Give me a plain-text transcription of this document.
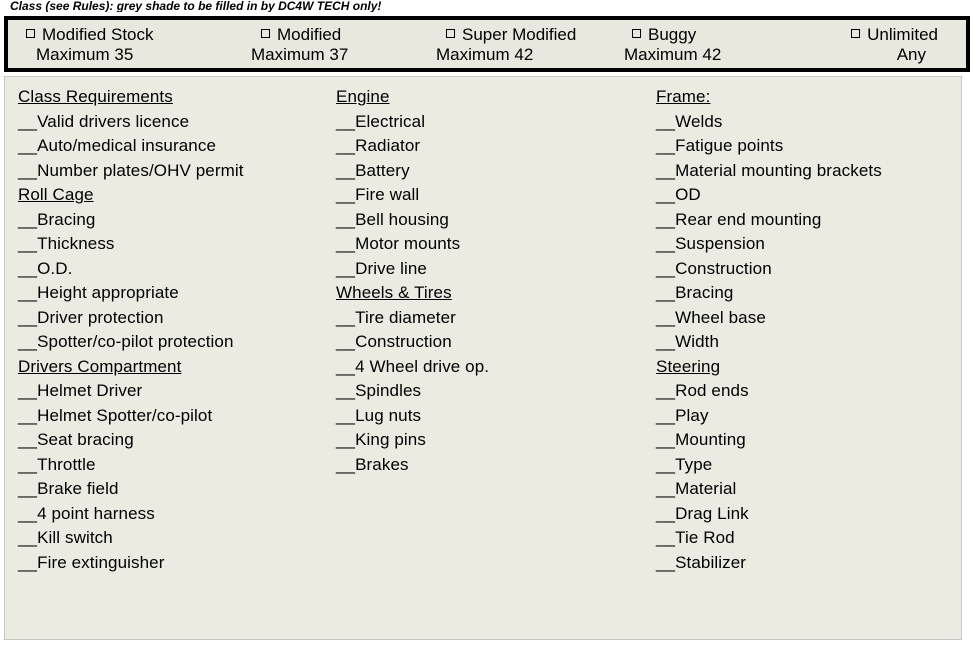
Class (see Rules): grey shade to be filled in by DC4W TECH only!
Modified Stock
Maximum 35
Modified
Maximum 37
Super Modified
Maximum 42
Buggy
Maximum 42
Unlimited
Any
Class Requirements
__ Valid drivers licence
__ Auto/medical insurance
__ Number plates/OHV permit
Roll Cage
__ Bracing
__ Thickness
__ O.D.
__ Height appropriate
__ Driver protection
__ Spotter/co-pilot protection
Drivers Compartment
__ Helmet Driver
__ Helmet Spotter/co-pilot
__ Seat bracing
__ Throttle
__ Brake field
__ 4 point harness
__ Kill switch
__ Fire extinguisher
Engine
__ Electrical
__ Radiator
__ Battery
__ Fire wall
__ Bell housing
__ Motor mounts
__ Drive line
Wheels & Tires
__ Tire diameter
__ Construction
__ 4 Wheel drive op.
__ Spindles
__ Lug nuts
__ King pins
__ Brakes
Frame:
__ Welds
__ Fatigue points
__ Material mounting brackets
__ OD
__ Rear end mounting
__ Suspension
__ Construction
__ Bracing
__ Wheel base
__ Width
Steering
__ Rod ends
__ Play
__ Mounting
__ Type
__ Material
__ Drag Link
__ Tie Rod
__ Stabilizer
